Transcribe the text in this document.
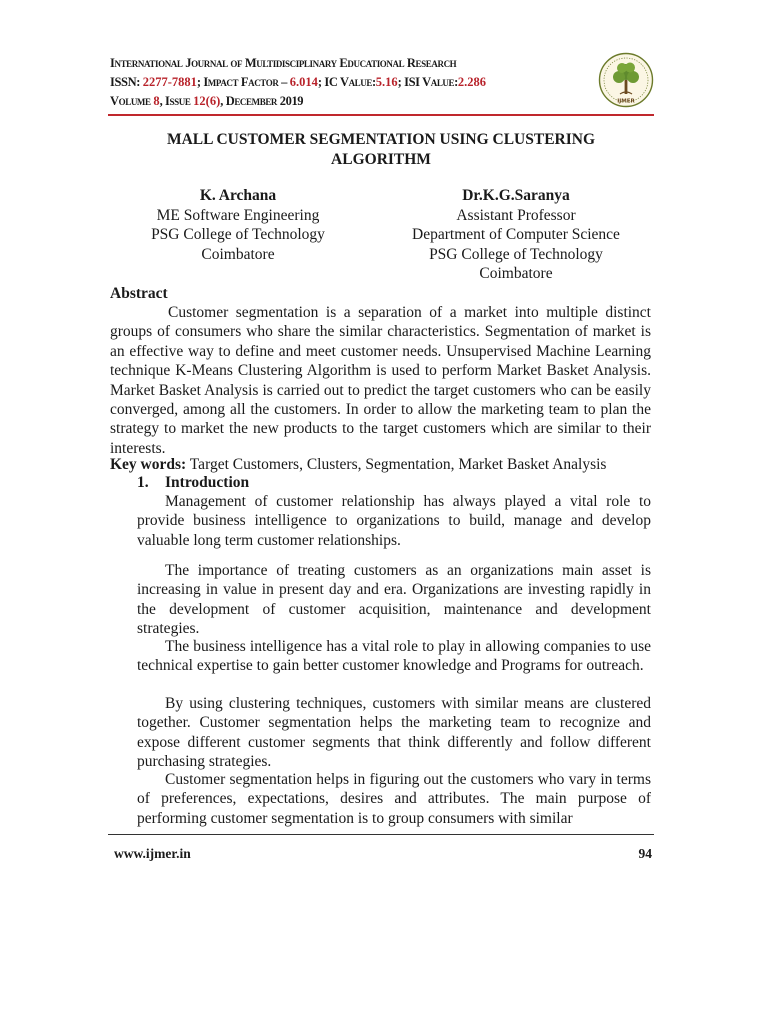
International Journal of Multidisciplinary Educational Research
ISSN: 2277-7881; Impact Factor – 6.014; IC Value:5.16; ISI Value:2.286
Volume 8, Issue 12(6), December 2019	IJMER
MALL CUSTOMER SEGMENTATION USING CLUSTERING
ALGORITHM
K. Archana
ME Software Engineering
PSG College of Technology
Coimbatore
Dr.K.G.Saranya
Assistant Professor
Department of Computer Science
PSG College of Technology
Coimbatore
Abstract

Customer segmentation is a separation of a market into multiple distinct groups of consumers who share the similar characteristics. Segmentation of market is an effective way to define and meet customer needs. Unsupervised Machine Learning technique K-Means Clustering Algorithm is used to perform Market Basket Analysis. Market Basket Analysis is carried out to predict the target customers who can be easily converged, among all the customers. In order to allow the marketing team to plan the strategy to market the new products to the target customers which are similar to their interests.

Key words: Target Customers, Clusters, Segmentation, Market Basket Analysis
1. Introduction

Management of customer relationship has always played a vital role to provide business intelligence to organizations to build, manage and develop valuable long term customer relationships.

The importance of treating customers as an organizations main asset is increasing in value in present day and era. Organizations are investing rapidly in the development of customer acquisition, maintenance and development strategies.

The business intelligence has a vital role to play in allowing companies to use technical expertise to gain better customer knowledge and Programs for outreach.

By using clustering techniques, customers with similar means are clustered together. Customer segmentation helps the marketing team to recognize and expose different customer segments that think differently and follow different purchasing strategies.

Customer segmentation helps in figuring out the customers who vary in terms of preferences, expectations, desires and attributes. The main purpose of performing customer segmentation is to group consumers with similar

www.ijmer.in	94
